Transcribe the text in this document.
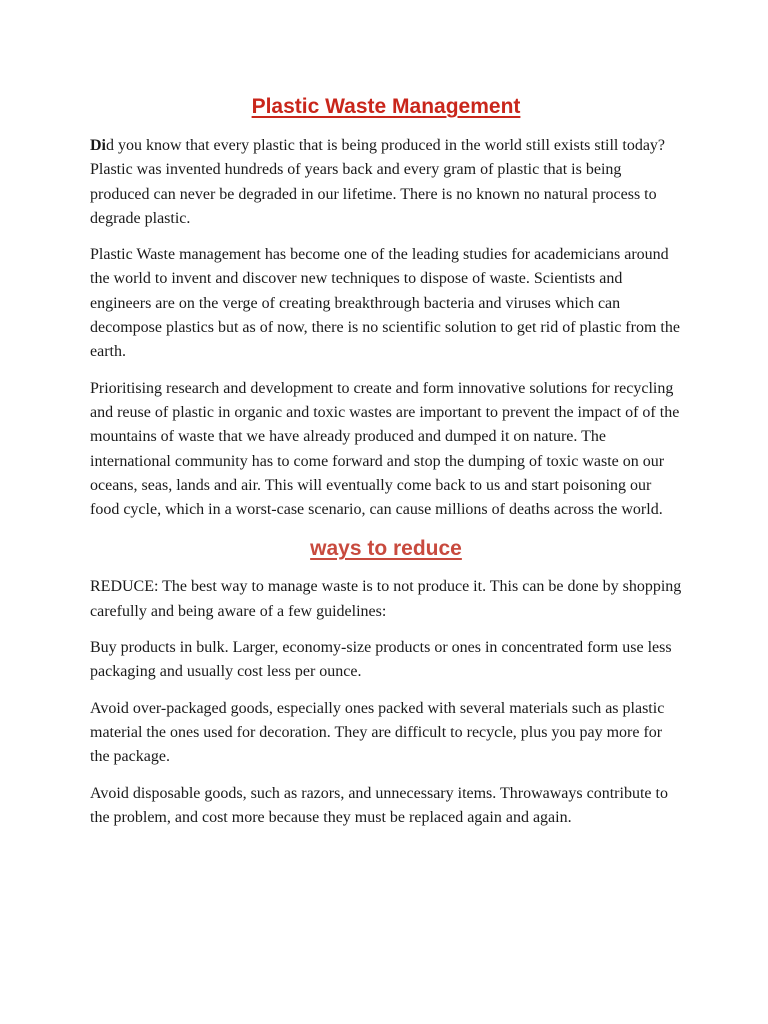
Plastic Waste Management

Did you know that every plastic that is being produced in the world still exists still today? Plastic was invented hundreds of years back and every gram of plastic that is being produced can never be degraded in our lifetime. There is no known no natural process to degrade plastic.

Plastic Waste management has become one of the leading studies for academicians around the world to invent and discover new techniques to dispose of waste. Scientists and engineers are on the verge of creating breakthrough bacteria and viruses which can decompose plastics but as of now, there is no scientific solution to get rid of plastic from the earth.

Prioritising research and development to create and form innovative solutions for recycling and reuse of plastic in organic and toxic wastes are important to prevent the impact of of the mountains of waste that we have already produced and dumped it on nature. The international community has to come forward and stop the dumping of toxic waste on our oceans, seas, lands and air. This will eventually come back to us and start poisoning our food cycle, which in a worst-case scenario, can cause millions of deaths across the world.

ways to reduce

REDUCE: The best way to manage waste is to not produce it. This can be done by shopping carefully and being aware of a few guidelines:

Buy products in bulk. Larger, economy-size products or ones in concentrated form use less packaging and usually cost less per ounce.

Avoid over-packaged goods, especially ones packed with several materials such as plastic material the ones used for decoration. They are difficult to recycle, plus you pay more for the package.

Avoid disposable goods, such as razors, and unnecessary items. Throwaways contribute to the problem, and cost more because they must be replaced again and again.
